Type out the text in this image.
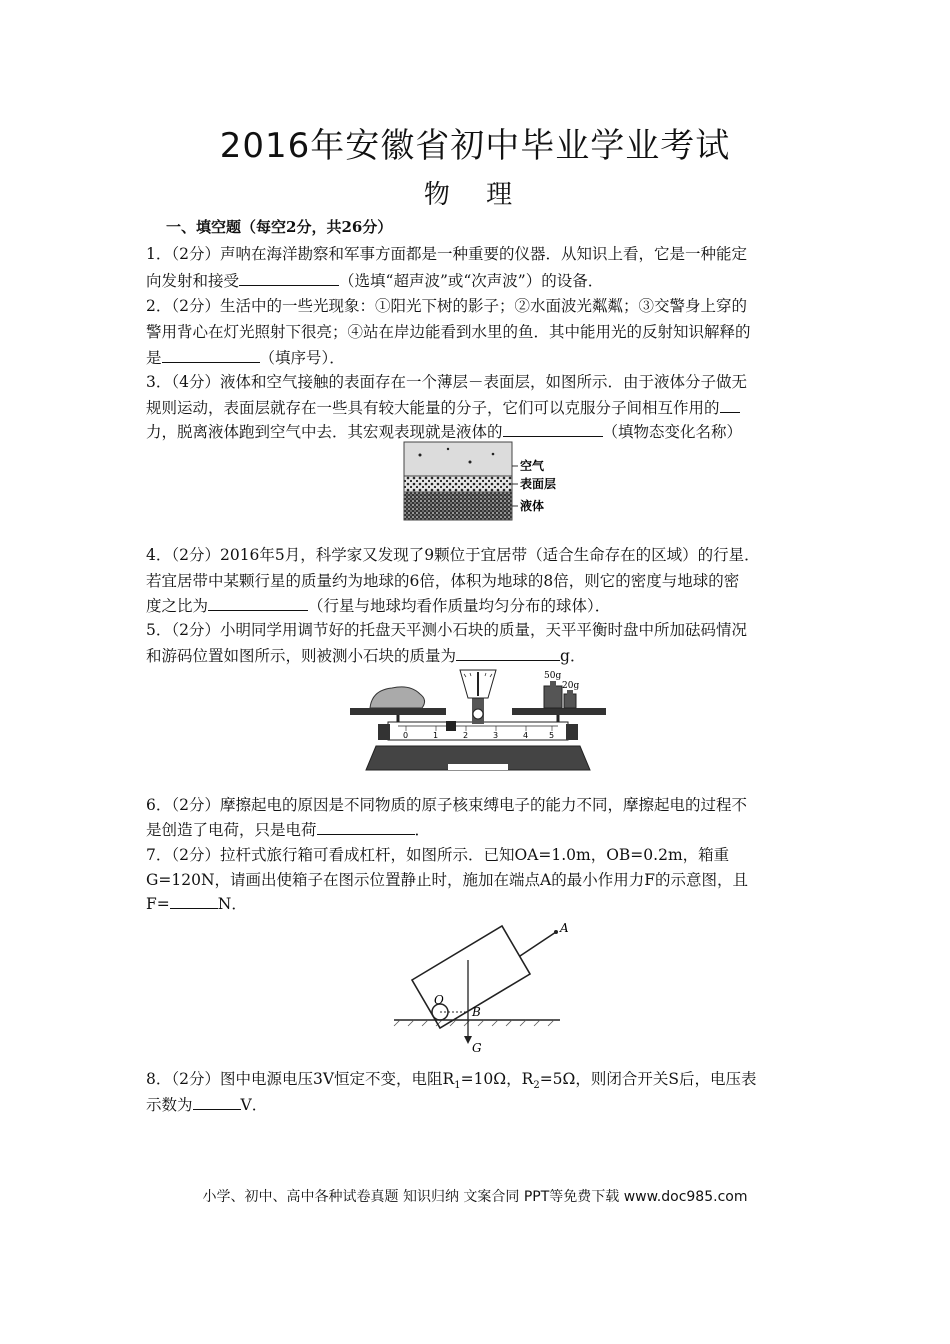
2016年安徽省初中毕业学业考试
物 理
一、填空题（每空2分，共26分）
1．（2分）声呐在海洋勘察和军事方面都是一种重要的仪器．从知识上看，它是一种能定
向发射和接受	（选填“超声波”或“次声波”）的设备．
2．（2分）生活中的一些光现象：①阳光下树的影子；②水面波光粼粼；③交警身上穿的
警用背心在灯光照射下很亮；④站在岸边能看到水里的鱼．其中能用光的反射知识解释的
是	（填序号）．
3．（4分）液体和空气接触的表面存在一个薄层－表面层，如图所示．由于液体分子做无
规则运动，表面层就存在一些具有较大能量的分子，它们可以克服分子间相互作用的
力，脱离液体跑到空气中去．其宏观表现就是液体的	（填物态变化名称）
空气
表面层
液体
4．（2分）2016年5月，科学家又发现了9颗位于宜居带（适合生命存在的区域）的行星．
若宜居带中某颗行星的质量约为地球的6倍，体积为地球的8倍，则它的密度与地球的密
度之比为	（行星与地球均看作质量均匀分布的球体）．
5．（2分）小明同学用调节好的托盘天平测小石块的质量，天平平衡时盘中所加砝码情况
和游码位置如图所示，则被测小石块的质量为	g．
0	1	2	3	4	5
50g
20g
6．（2分）摩擦起电的原因是不同物质的原子核束缚电子的能力不同，摩擦起电的过程不
是创造了电荷，只是电荷	．
7．（2分）拉杆式旅行箱可看成杠杆，如图所示．已知OA=1.0m，OB=0.2m，箱重
G=120N，请画出使箱子在图示位置静止时，施加在端点A的最小作用力F的示意图，且
F=	N．
A
O
B
G
8．（2分）图中电源电压3V恒定不变，电阻$R_1=10\Omega$，$R_2=5\Omega$，则闭合开关S后，电压表
示数为	V．
小学、初中、高中各种试卷真题 知识归纳 文案合同 PPT等免费下载 www.doc985.com
